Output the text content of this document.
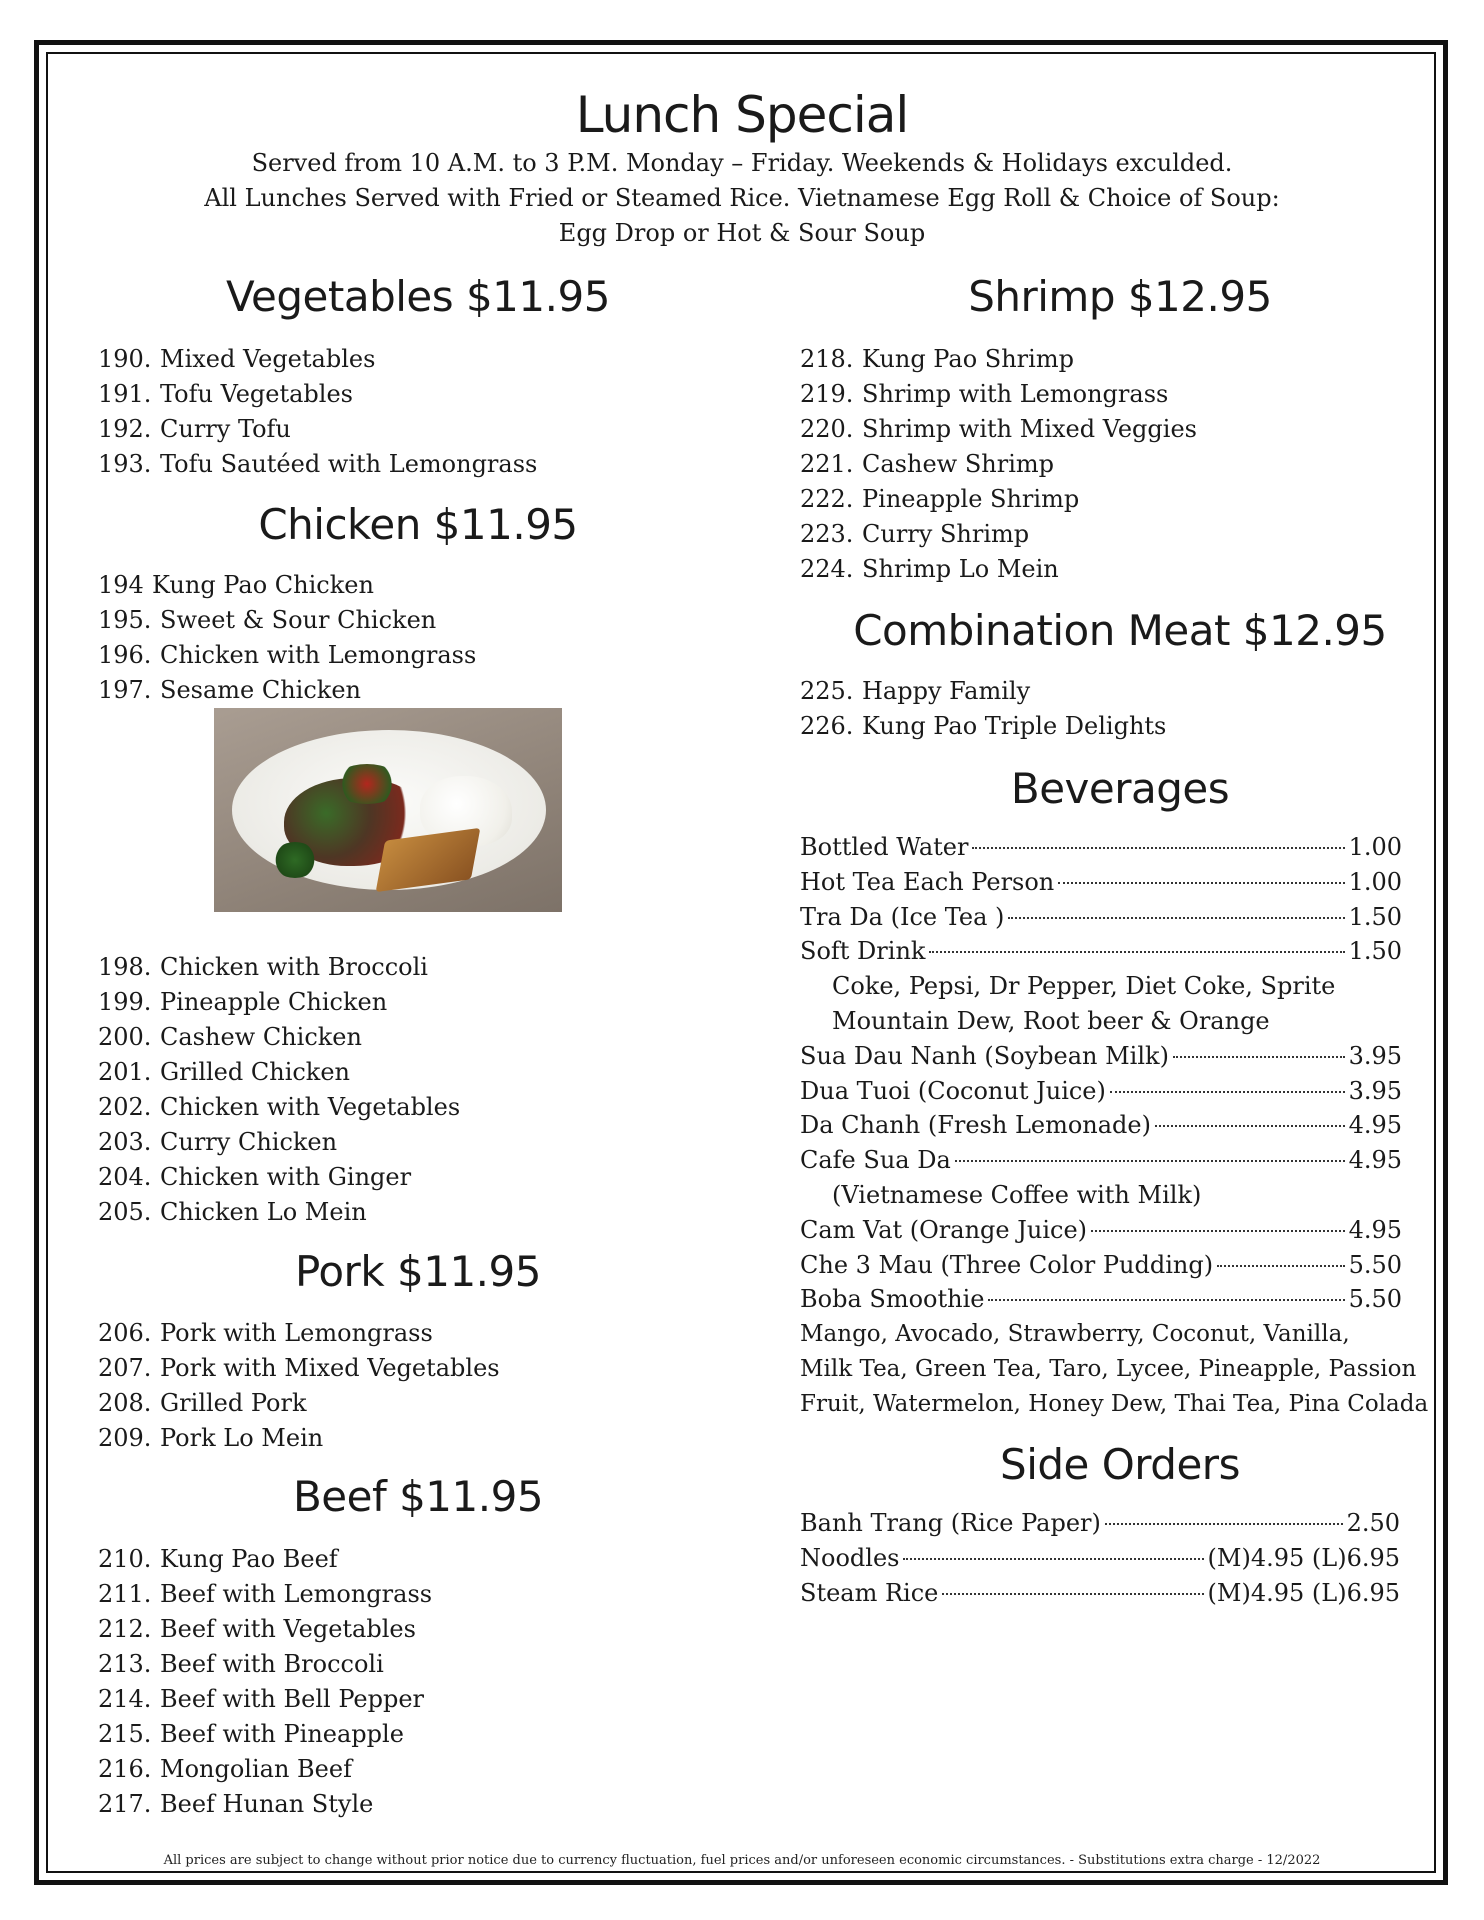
Lunch Special

Served from 10 A.M. to 3 P.M. Monday – Friday. Weekends & Holidays exculded.

All Lunches Served with Fried or Steamed Rice. Vietnamese Egg Roll & Choice of Soup:

Egg Drop or Hot & Sour Soup

Vegetables $11.95
190. Mixed Vegetables
191. Tofu Vegetables
192. Curry Tofu
193. Tofu Sautéed with Lemongrass
Chicken $11.95
194 Kung Pao Chicken
195. Sweet & Sour Chicken
196. Chicken with Lemongrass
197. Sesame Chicken
198. Chicken with Broccoli
199. Pineapple Chicken
200. Cashew Chicken
201. Grilled Chicken
202. Chicken with Vegetables
203. Curry Chicken
204. Chicken with Ginger
205. Chicken Lo Mein
Pork $11.95
206. Pork with Lemongrass
207. Pork with Mixed Vegetables
208. Grilled Pork
209. Pork Lo Mein
Beef $11.95
210. Kung Pao Beef
211. Beef with Lemongrass
212. Beef with Vegetables
213. Beef with Broccoli
214. Beef with Bell Pepper
215. Beef with Pineapple
216. Mongolian Beef
217. Beef Hunan Style
Shrimp $12.95
218. Kung Pao Shrimp
219. Shrimp with Lemongrass
220. Shrimp with Mixed Veggies
221. Cashew Shrimp
222. Pineapple Shrimp
223. Curry Shrimp
224. Shrimp Lo Mein
Combination Meat $12.95
225. Happy Family
226. Kung Pao Triple Delights
Beverages
Bottled Water	1.00
Hot Tea Each Person	1.00
Tra Da (Ice Tea )	1.50
Soft Drink	1.50
Coke, Pepsi, Dr Pepper, Diet Coke, Sprite
Mountain Dew, Root beer & Orange
Sua Dau Nanh (Soybean Milk)	3.95
Dua Tuoi (Coconut Juice)	3.95
Da Chanh (Fresh Lemonade)	4.95
Cafe Sua Da	4.95
(Vietnamese Coffee with Milk)
Cam Vat (Orange Juice)	4.95
Che 3 Mau (Three Color Pudding)	5.50
Boba Smoothie	5.50
Mango, Avocado, Strawberry, Coconut, Vanilla,
Milk Tea, Green Tea, Taro, Lycee, Pineapple, Passion
Fruit, Watermelon, Honey Dew, Thai Tea, Pina Colada
Side Orders
Banh Trang (Rice Paper)	2.50
Noodles	(M)4.95 (L)6.95
Steam Rice	(M)4.95 (L)6.95
All prices are subject to change without prior notice due to currency fluctuation, fuel prices and/or unforeseen economic circumstances. - Substitutions extra charge - 12/2022
